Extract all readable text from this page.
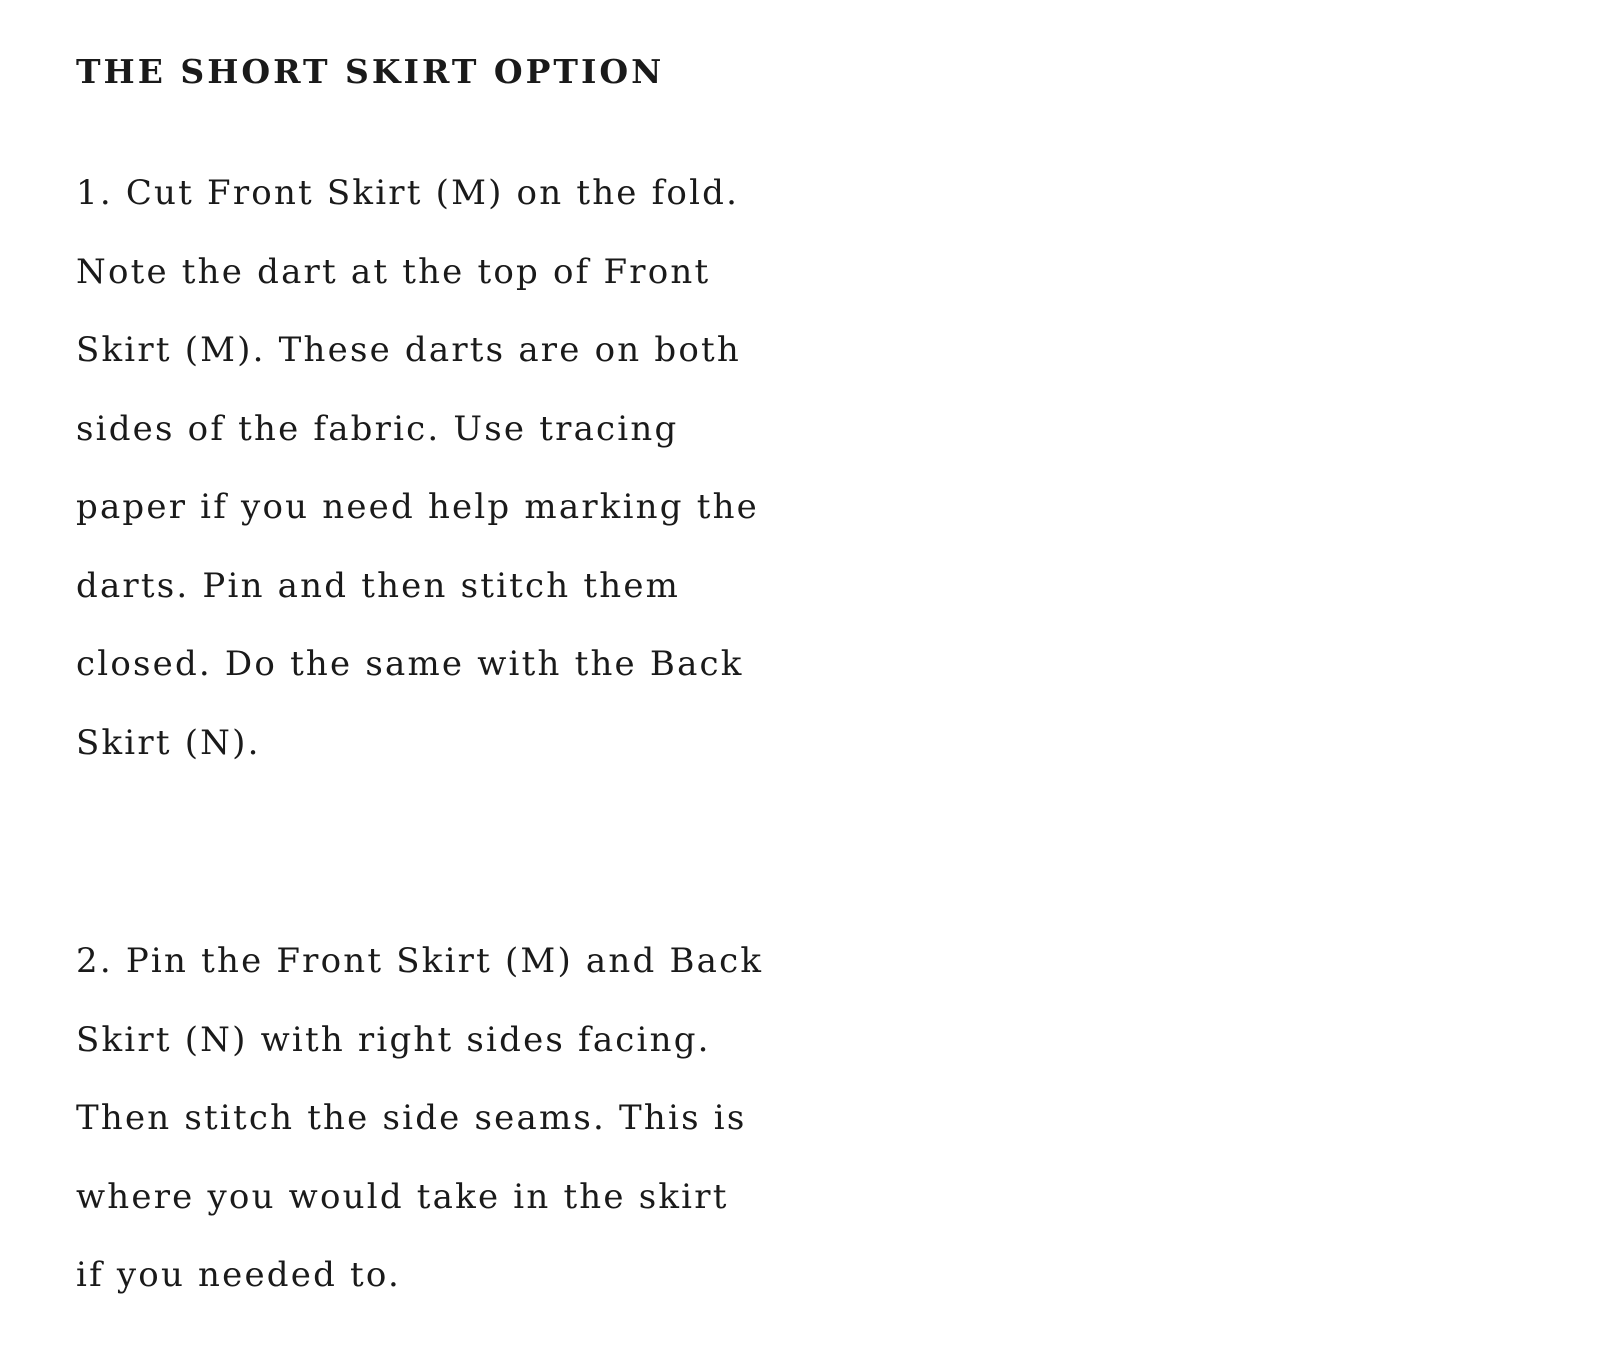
THE SHORT SKIRT OPTION

1. Cut Front Skirt (M) on the fold.
Note the dart at the top of Front
Skirt (M). These darts are on both
sides of the fabric. Use tracing
paper if you need help marking the
darts. Pin and then stitch them
closed. Do the same with the Back
Skirt (N).

2. Pin the Front Skirt (M) and Back
Skirt (N) with right sides facing.
Then stitch the side seams. This is
where you would take in the skirt
if you needed to.
